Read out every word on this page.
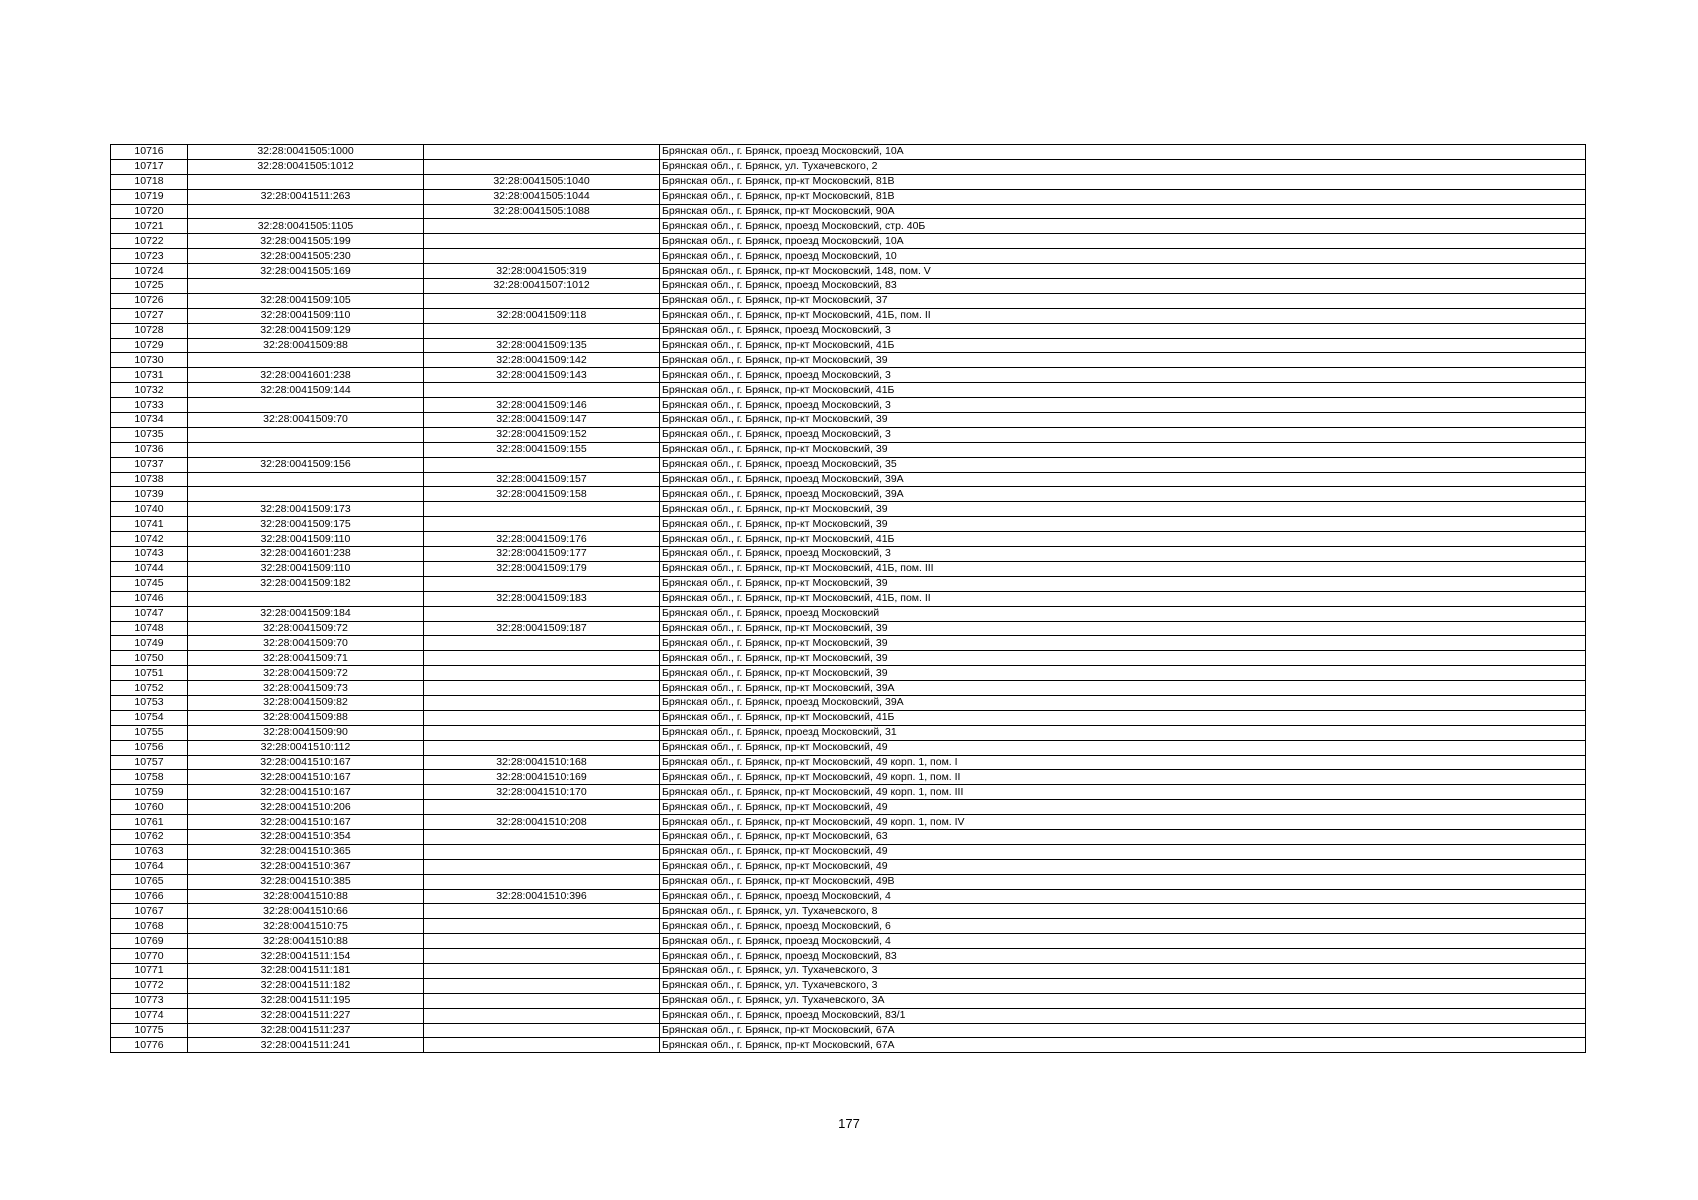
10716	32:28:0041505:1000		Брянская обл., г. Брянск, проезд Московский, 10А
10717	32:28:0041505:1012		Брянская обл., г. Брянск, ул. Тухачевского, 2
10718		32:28:0041505:1040	Брянская обл., г. Брянск, пр-кт Московский, 81В
10719	32:28:0041511:263	32:28:0041505:1044	Брянская обл., г. Брянск, пр-кт Московский, 81В
10720		32:28:0041505:1088	Брянская обл., г. Брянск, пр-кт Московский, 90А
10721	32:28:0041505:1105		Брянская обл., г. Брянск, проезд Московский, стр. 40Б
10722	32:28:0041505:199		Брянская обл., г. Брянск, проезд Московский, 10А
10723	32:28:0041505:230		Брянская обл., г. Брянск, проезд Московский, 10
10724	32:28:0041505:169	32:28:0041505:319	Брянская обл., г. Брянск, пр-кт Московский, 148, пом. V
10725		32:28:0041507:1012	Брянская обл., г. Брянск, проезд Московский, 83
10726	32:28:0041509:105		Брянская обл., г. Брянск, пр-кт Московский, 37
10727	32:28:0041509:110	32:28:0041509:118	Брянская обл., г. Брянск, пр-кт Московский, 41Б, пом. II
10728	32:28:0041509:129		Брянская обл., г. Брянск, проезд Московский, 3
10729	32:28:0041509:88	32:28:0041509:135	Брянская обл., г. Брянск, пр-кт Московский, 41Б
10730		32:28:0041509:142	Брянская обл., г. Брянск, пр-кт Московский, 39
10731	32:28:0041601:238	32:28:0041509:143	Брянская обл., г. Брянск, проезд Московский, 3
10732	32:28:0041509:144		Брянская обл., г. Брянск, пр-кт Московский, 41Б
10733		32:28:0041509:146	Брянская обл., г. Брянск, проезд Московский, 3
10734	32:28:0041509:70	32:28:0041509:147	Брянская обл., г. Брянск, пр-кт Московский, 39
10735		32:28:0041509:152	Брянская обл., г. Брянск, проезд Московский, 3
10736		32:28:0041509:155	Брянская обл., г. Брянск, пр-кт Московский, 39
10737	32:28:0041509:156		Брянская обл., г. Брянск, проезд Московский, 35
10738		32:28:0041509:157	Брянская обл., г. Брянск, проезд Московский, 39А
10739		32:28:0041509:158	Брянская обл., г. Брянск, проезд Московский, 39А
10740	32:28:0041509:173		Брянская обл., г. Брянск, пр-кт Московский, 39
10741	32:28:0041509:175		Брянская обл., г. Брянск, пр-кт Московский, 39
10742	32:28:0041509:110	32:28:0041509:176	Брянская обл., г. Брянск, пр-кт Московский, 41Б
10743	32:28:0041601:238	32:28:0041509:177	Брянская обл., г. Брянск, проезд Московский, 3
10744	32:28:0041509:110	32:28:0041509:179	Брянская обл., г. Брянск, пр-кт Московский, 41Б, пом. III
10745	32:28:0041509:182		Брянская обл., г. Брянск, пр-кт Московский, 39
10746		32:28:0041509:183	Брянская обл., г. Брянск, пр-кт Московский, 41Б, пом. II
10747	32:28:0041509:184		Брянская обл., г. Брянск, проезд Московский
10748	32:28:0041509:72	32:28:0041509:187	Брянская обл., г. Брянск, пр-кт Московский, 39
10749	32:28:0041509:70		Брянская обл., г. Брянск, пр-кт Московский, 39
10750	32:28:0041509:71		Брянская обл., г. Брянск, пр-кт Московский, 39
10751	32:28:0041509:72		Брянская обл., г. Брянск, пр-кт Московский, 39
10752	32:28:0041509:73		Брянская обл., г. Брянск, пр-кт Московский, 39А
10753	32:28:0041509:82		Брянская обл., г. Брянск, проезд Московский, 39А
10754	32:28:0041509:88		Брянская обл., г. Брянск, пр-кт Московский, 41Б
10755	32:28:0041509:90		Брянская обл., г. Брянск, проезд Московский, 31
10756	32:28:0041510:112		Брянская обл., г. Брянск, пр-кт Московский, 49
10757	32:28:0041510:167	32:28:0041510:168	Брянская обл., г. Брянск, пр-кт Московский, 49 корп. 1, пом. I
10758	32:28:0041510:167	32:28:0041510:169	Брянская обл., г. Брянск, пр-кт Московский, 49 корп. 1, пом. II
10759	32:28:0041510:167	32:28:0041510:170	Брянская обл., г. Брянск, пр-кт Московский, 49 корп. 1, пом. III
10760	32:28:0041510:206		Брянская обл., г. Брянск, пр-кт Московский, 49
10761	32:28:0041510:167	32:28:0041510:208	Брянская обл., г. Брянск, пр-кт Московский, 49 корп. 1, пом. IV
10762	32:28:0041510:354		Брянская обл., г. Брянск, пр-кт Московский, 63
10763	32:28:0041510:365		Брянская обл., г. Брянск, пр-кт Московский, 49
10764	32:28:0041510:367		Брянская обл., г. Брянск, пр-кт Московский, 49
10765	32:28:0041510:385		Брянская обл., г. Брянск, пр-кт Московский, 49В
10766	32:28:0041510:88	32:28:0041510:396	Брянская обл., г. Брянск, проезд Московский, 4
10767	32:28:0041510:66		Брянская обл., г. Брянск, ул. Тухачевского, 8
10768	32:28:0041510:75		Брянская обл., г. Брянск, проезд Московский, 6
10769	32:28:0041510:88		Брянская обл., г. Брянск, проезд Московский, 4
10770	32:28:0041511:154		Брянская обл., г. Брянск, проезд Московский, 83
10771	32:28:0041511:181		Брянская обл., г. Брянск, ул. Тухачевского, 3
10772	32:28:0041511:182		Брянская обл., г. Брянск, ул. Тухачевского, 3
10773	32:28:0041511:195		Брянская обл., г. Брянск, ул. Тухачевского, 3А
10774	32:28:0041511:227		Брянская обл., г. Брянск, проезд Московский, 83/1
10775	32:28:0041511:237		Брянская обл., г. Брянск, пр-кт Московский, 67А
10776	32:28:0041511:241		Брянская обл., г. Брянск, пр-кт Московский, 67А
177
